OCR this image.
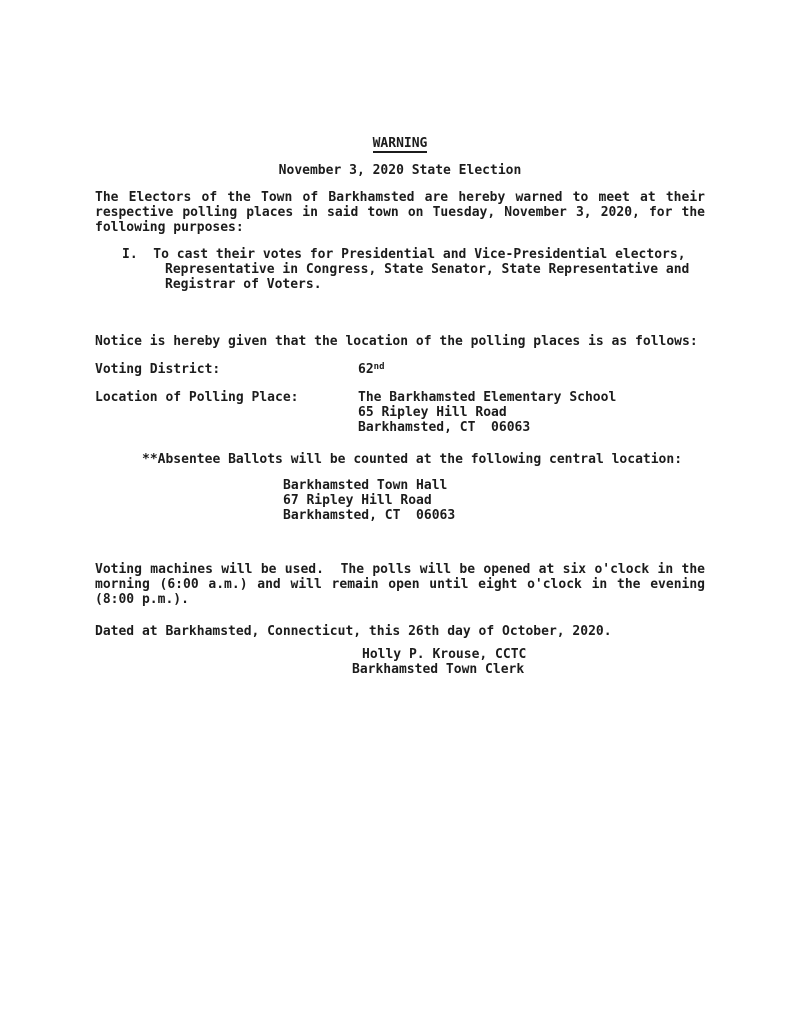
WARNING
November 3, 2020 State Election
The Electors of the Town of Barkhamsted are hereby warned to meet at their
respective polling places in said town on Tuesday, November 3, 2020, for the
following purposes:
I.  To cast their votes for Presidential and Vice-Presidential electors,
Representative in Congress, State Senator, State Representative and
Registrar of Voters.
Notice is hereby given that the location of the polling places is as follows:
Voting District:	62nd
Location of Polling Place:	The Barkhamsted Elementary School
65 Ripley Hill Road
Barkhamsted, CT  06063
**Absentee Ballots will be counted at the following central location:
Barkhamsted Town Hall
67 Ripley Hill Road
Barkhamsted, CT  06063
Voting machines will be used.  The polls will be opened at six o'clock in the
morning (6:00 a.m.) and will remain open until eight o'clock in the evening
(8:00 p.m.).
Dated at Barkhamsted, Connecticut, this 26th day of October, 2020.
Holly P. Krouse, CCTC
Barkhamsted Town Clerk
